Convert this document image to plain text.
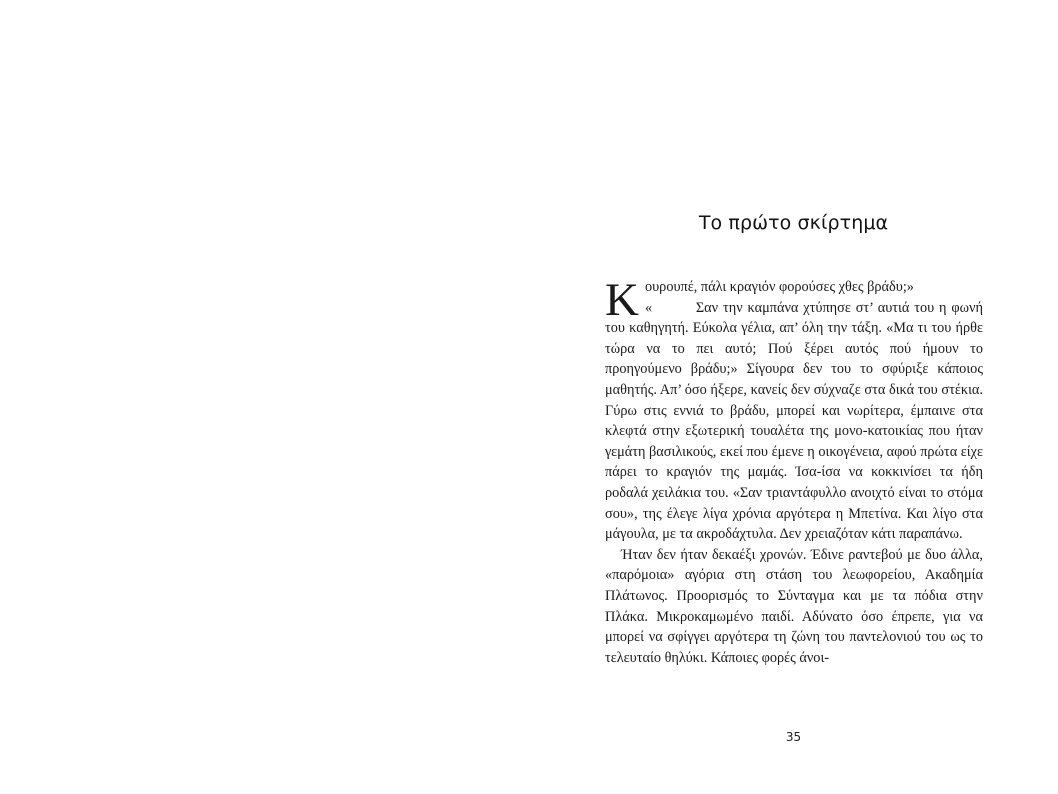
Το πρώτο σκίρτημα

Κουρουπέ, πάλι κραγιόν φορούσες χθες βράδυ;»
«	Σαν την καμπάνα χτύπησε στ’ αυτιά του η φωνή του καθηγητή. Εύκολα γέλια, απ’ όλη την τάξη. «Μα τι του ήρθε τώρα να το πει αυτό; Πού ξέρει αυτός πού ήμουν το προηγούμενο βράδυ;» Σίγουρα δεν του το σφύριξε κάποιος μαθητής. Απ’ όσο ήξερε, κανείς δεν σύχναζε στα δικά του στέκια. Γύρω στις εννιά το βράδυ, μπορεί και νωρίτερα, έμπαινε στα κλεφτά στην εξωτερική τουαλέτα της μονο-κατοικίας που ήταν γεμάτη βασιλικούς, εκεί που έμενε η οικογένεια, αφού πρώτα είχε πάρει το κραγιόν της μαμάς. Ίσα-ίσα να κοκκινίσει τα ήδη ροδαλά χειλάκια του. «Σαν τριαντάφυλλο ανοιχτό είναι το στόμα σου», της έλεγε λίγα χρόνια αργότερα η Μπετίνα. Και λίγο στα μάγουλα, με τα ακροδάχτυλα. Δεν χρειαζόταν κάτι παραπάνω.

Ήταν δεν ήταν δεκαέξι χρονών. Έδινε ραντεβού με δυο άλλα, «παρόμοια» αγόρια στη στάση του λεωφορείου, Ακαδημία Πλάτωνος. Προορισμός το Σύνταγμα και με τα πόδια στην Πλάκα. Μικροκαμωμένο παιδί. Αδύνατο όσο έπρεπε, για να μπορεί να σφίγγει αργότερα τη ζώνη του παντελονιού του ως το τελευταίο θηλύκι. Κάποιες φορές άνοι-

35
